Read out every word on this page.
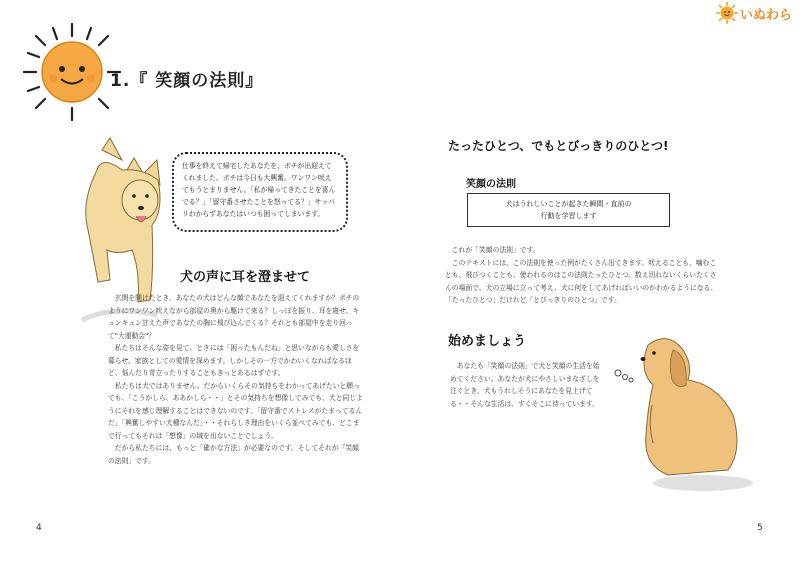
いぬわら
1.『 笑顔の法則』
仕事を終えて帰宅したあなたを、ポチが出迎えてくれました。ポチは今日も大興奮。ワンワン吠えてもうとまりません。「私が帰ってきたことを喜んでる？」「留守番させたことを怒ってる？」サッパリわからずあなたはいつも困ってしまいます。
犬の声に耳を澄ませて
　玄関を開けたとき、あなたの犬はどんな顔であなたを迎えてくれますか？ポチのようにワンワン吠えながら部屋の奥から駆けて来る？しっぽを振り、耳を寝せ、キュンキュン甘えた声であなたの胸に飛び込んでくる？それとも部屋中を走り回って"大運動会"？
　私たちはそんな姿を見て、ときには「困ったもんだね」と思いながらも愛しさを募らせ、家族としての愛情を深めます。しかしその一方でかわいくなればなるほど、悩んだり苛立ったりすることもきっとあるはずです。
　私たちは犬ではありません。だからいくらその気持ちをわかってあげたいと願っても、「こうかしら、ああかしら・・」とその気持ちを想像してみても、犬と同じようにそれを感じ理解することはできないのです。「留守番でストレスがたまってるんだ」「興奮しやすい犬種なんだ」・・それらしき理由をいくら並べてみても、どこまで行ってもそれは「想像」の域を出ないことでしょう。
　だから私たちには、もっと「確かな方法」が必要なのです。そしてそれが「笑顔の法則」です。
4
たったひとつ、でもとびっきりのひとつ!
笑顔の法則
犬はうれしいことが起きた瞬間・直前の
行動を学習します
　これが「笑顔の法則」です。
　このテキストには、この法則を使った例がたくさん出てきます。吠えることも、噛むことも、飛びつくことも、使われるのはこの法則たったひとつ。数え切れないくらいたくさんの場面で、犬の立場に立って考え、犬に何をしてあげればいいのかわかるようになる、「たったひとつ」だけれど「とびっきりのひとつ」です。
始めましょう
　あなたも「笑顔の法則」で犬と笑顔の生活を始めてください。あなたが犬にやさしいまなざしを注ぐとき、犬もうれしそうにあなたを見上げてる・・そんな生活は、すぐそこに待っています。
5
